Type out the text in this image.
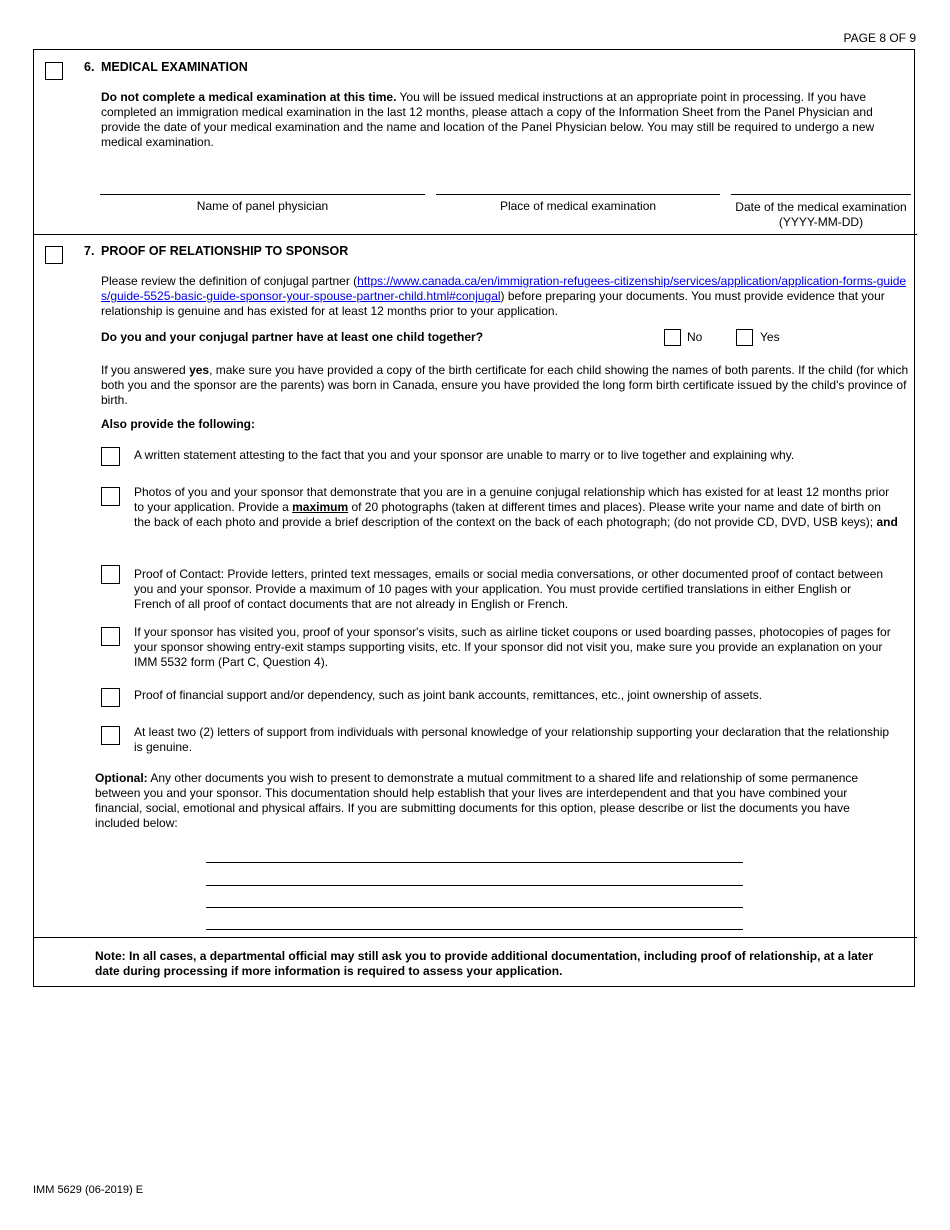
PAGE 8 OF 9
6. MEDICAL EXAMINATION
Do not complete a medical examination at this time. You will be issued medical instructions at an appropriate point in processing. If you have completed an immigration medical examination in the last 12 months, please attach a copy of the Information Sheet from the Panel Physician and provide the date of your medical examination and the name and location of the Panel Physician below. You may still be required to undergo a new medical examination.
Name of panel physician	Place of medical examination	Date of the medical examination
(YYYY-MM-DD)
7. PROOF OF RELATIONSHIP TO SPONSOR
Please review the definition of conjugal partner (https://www.canada.ca/en/immigration-refugees-citizenship/services/application/application-forms-guides/guide-5525-basic-guide-sponsor-your-spouse-partner-child.html#conjugal) before preparing your documents. You must provide evidence that your relationship is genuine and has existed for at least 12 months prior to your application.
Do you and your conjugal partner have at least one child together?	No	Yes
If you answered yes, make sure you have provided a copy of the birth certificate for each child showing the names of both parents. If the child (for which both you and the sponsor are the parents) was born in Canada, ensure you have provided the long form birth certificate issued by the child's province of birth.
Also provide the following:
A written statement attesting to the fact that you and your sponsor are unable to marry or to live together and explaining why.
Photos of you and your sponsor that demonstrate that you are in a genuine conjugal relationship which has existed for at least 12 months prior to your application. Provide a maximum of 20 photographs (taken at different times and places). Please write your name and date of birth on the back of each photo and provide a brief description of the context on the back of each photograph; (do not provide CD, DVD, USB keys); and
Proof of Contact: Provide letters, printed text messages, emails or social media conversations, or other documented proof of contact between you and your sponsor. Provide a maximum of 10 pages with your application. You must provide certified translations in either English or French of all proof of contact documents that are not already in English or French.
If your sponsor has visited you, proof of your sponsor's visits, such as airline ticket coupons or used boarding passes, photocopies of pages for your sponsor showing entry-exit stamps supporting visits, etc. If your sponsor did not visit you, make sure you provide an explanation on your IMM 5532 form (Part C, Question 4).
Proof of financial support and/or dependency, such as joint bank accounts, remittances, etc., joint ownership of assets.
At least two (2) letters of support from individuals with personal knowledge of your relationship supporting your declaration that the relationship is genuine.
Optional: Any other documents you wish to present to demonstrate a mutual commitment to a shared life and relationship of some permanence between you and your sponsor. This documentation should help establish that your lives are interdependent and that you have combined your financial, social, emotional and physical affairs. If you are submitting documents for this option, please describe or list the documents you have included below:
Note: In all cases, a departmental official may still ask you to provide additional documentation, including proof of relationship, at a later date during processing if more information is required to assess your application.
IMM 5629 (06-2019) E
